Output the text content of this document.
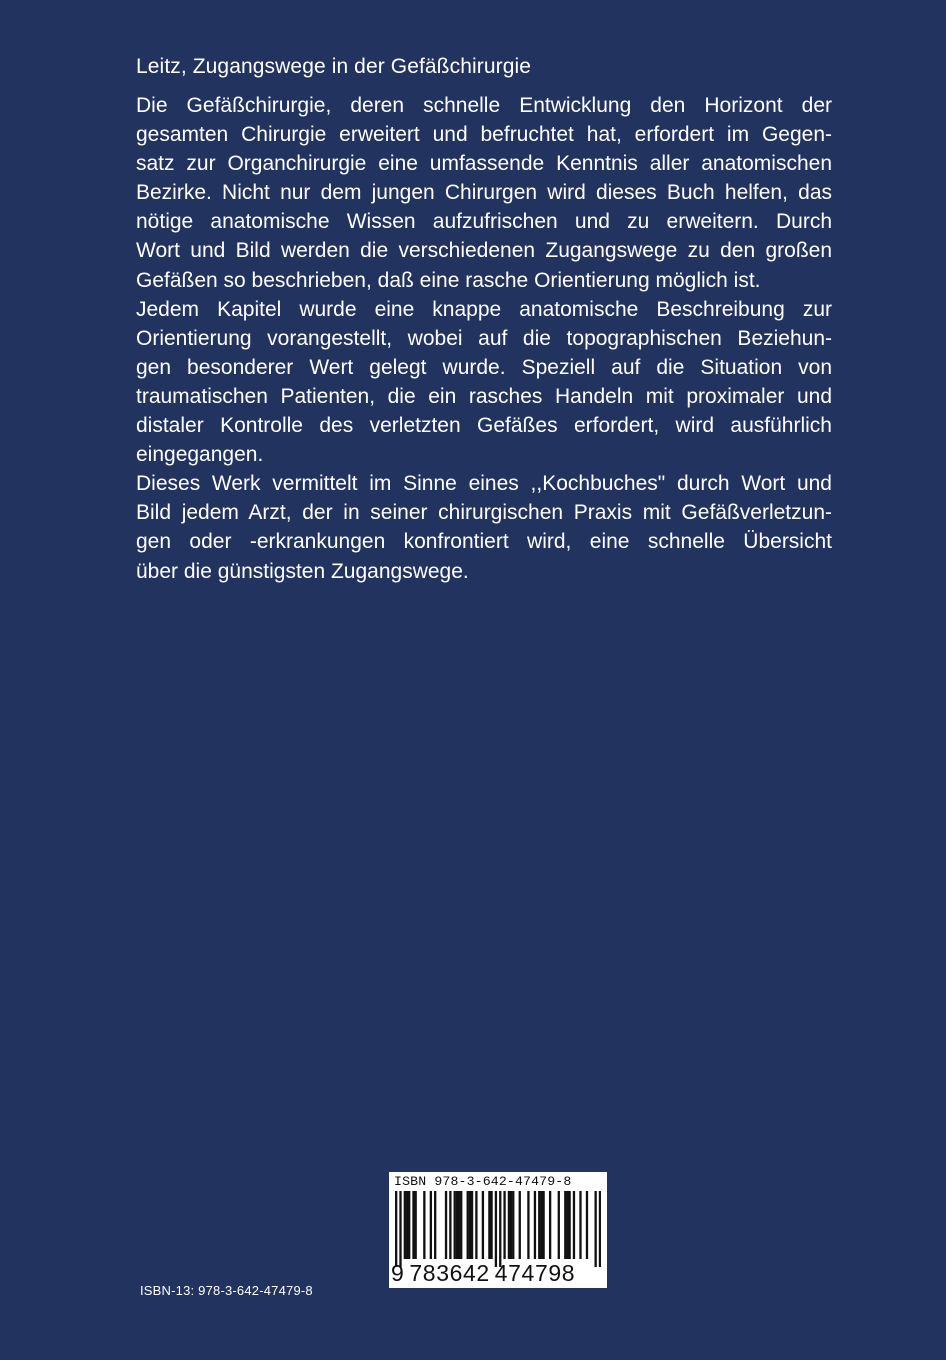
Leitz, Zugangswege in der Gefäßchirurgie
Die Gefäßchirurgie, deren schnelle Entwicklung den Horizont der
gesamten Chirurgie erweitert und befruchtet hat, erfordert im Gegen-
satz zur Organchirurgie eine umfassende Kenntnis aller anatomischen
Bezirke. Nicht nur dem jungen Chirurgen wird dieses Buch helfen, das
nötige anatomische Wissen aufzufrischen und zu erweitern. Durch
Wort und Bild werden die verschiedenen Zugangswege zu den großen
Gefäßen so beschrieben, daß eine rasche Orientierung möglich ist.
Jedem Kapitel wurde eine knappe anatomische Beschreibung zur
Orientierung vorangestellt, wobei auf die topographischen Beziehun-
gen besonderer Wert gelegt wurde. Speziell auf die Situation von
traumatischen Patienten, die ein rasches Handeln mit proximaler und
distaler Kontrolle des verletzten Gefäßes erfordert, wird ausführlich
eingegangen.
Dieses Werk vermittelt im Sinne eines ,,Kochbuches" durch Wort und
Bild jedem Arzt, der in seiner chirurgischen Praxis mit Gefäßverletzun-
gen oder -erkrankungen konfrontiert wird, eine schnelle Übersicht
über die günstigsten Zugangswege.
ISBN 978-3-642-47479-8
9 783642 474798
ISBN-13: 978-3-642-47479-8
